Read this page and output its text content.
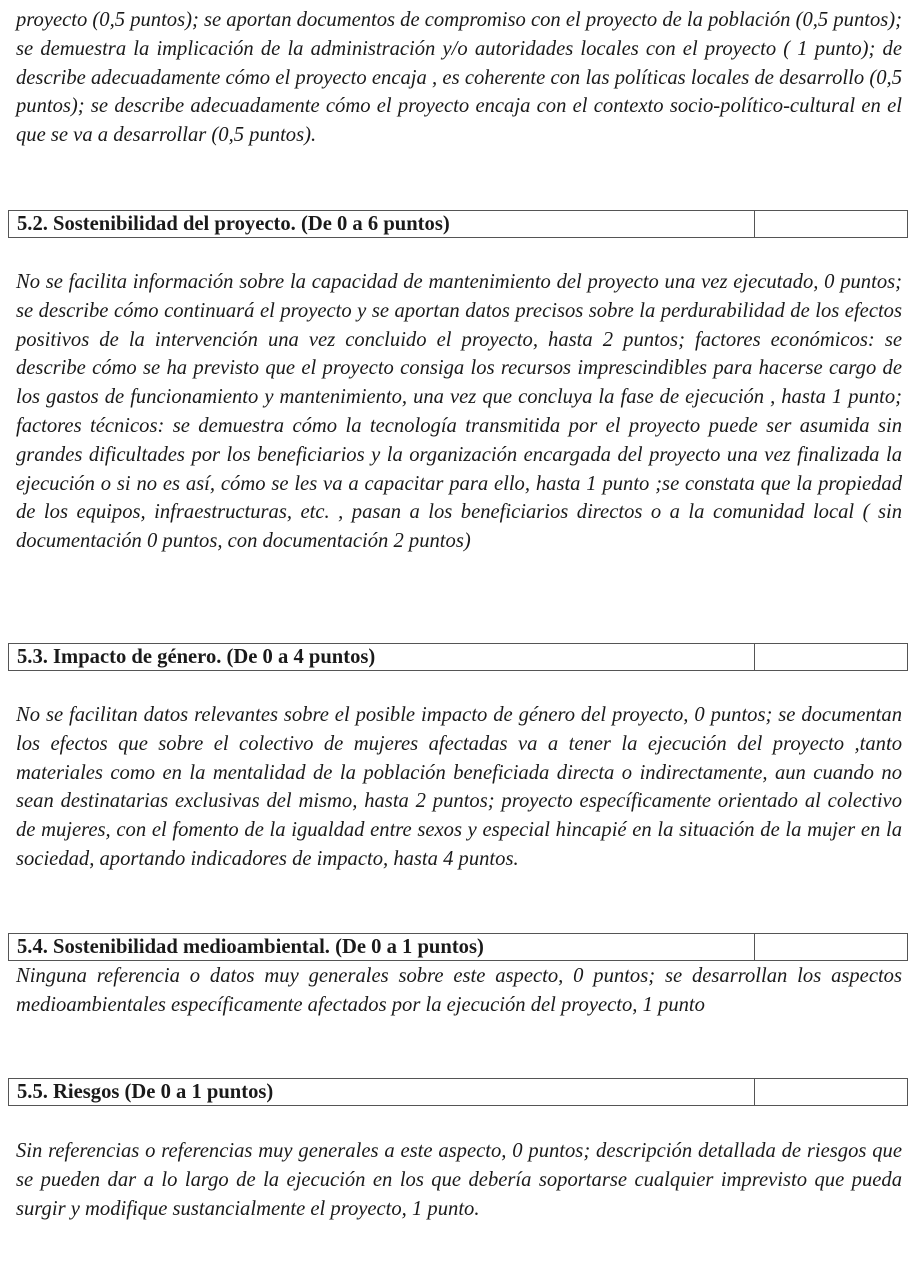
proyecto (0,5 puntos); se aportan documentos de compromiso con el proyecto de la población (0,5 puntos); se demuestra la implicación de la administración y/o autoridades locales con el proyecto ( 1 punto); de describe adecuadamente cómo el proyecto encaja , es coherente con las políticas locales de desarrollo (0,5 puntos); se describe adecuadamente cómo el proyecto encaja con el contexto socio-político-cultural en el que se va a desarrollar (0,5 puntos).

5.2. Sostenibilidad del proyecto. (De 0 a 6 puntos)

No se facilita información sobre la capacidad de mantenimiento del proyecto una vez ejecutado, 0 puntos; se describe cómo continuará el proyecto y se aportan datos precisos sobre la perdurabilidad de los efectos positivos de la intervención una vez concluido el proyecto, hasta 2 puntos; factores económicos: se describe cómo se ha previsto que el proyecto consiga los recursos imprescindibles para hacerse cargo de los gastos de funcionamiento y mantenimiento, una vez que concluya la fase de ejecución , hasta 1 punto; factores técnicos: se demuestra cómo la tecnología transmitida por el proyecto puede ser asumida sin grandes dificultades por los beneficiarios y la organización encargada del proyecto una vez finalizada la ejecución o si no es así, cómo se les va a capacitar para ello, hasta 1 punto ;se constata que la propiedad de los equipos, infraestructuras, etc. , pasan a los beneficiarios directos o a la comunidad local ( sin documentación 0 puntos, con documentación 2 puntos)

5.3. Impacto de género. (De 0 a 4 puntos)

No se facilitan datos relevantes sobre el posible impacto de género del proyecto, 0 puntos; se documentan los efectos que sobre el colectivo de mujeres afectadas va a tener la ejecución del proyecto ,tanto materiales como en la mentalidad de la población beneficiada directa o indirectamente, aun cuando no sean destinatarias exclusivas del mismo, hasta 2 puntos; proyecto específicamente orientado al colectivo de mujeres, con el fomento de la igualdad entre sexos y especial hincapié en la situación de la mujer en la sociedad, aportando indicadores de impacto, hasta 4 puntos.

5.4. Sostenibilidad medioambiental. (De 0 a 1 puntos)

Ninguna referencia o datos muy generales sobre este aspecto, 0 puntos; se desarrollan los aspectos medioambientales específicamente afectados por la ejecución del proyecto, 1 punto

5.5. Riesgos (De 0 a 1 puntos)

Sin referencias o referencias muy generales a este aspecto, 0 puntos; descripción detallada de riesgos que se pueden dar a lo largo de la ejecución en los que debería soportarse cualquier imprevisto que pueda surgir y modifique sustancialmente el proyecto, 1 punto.
